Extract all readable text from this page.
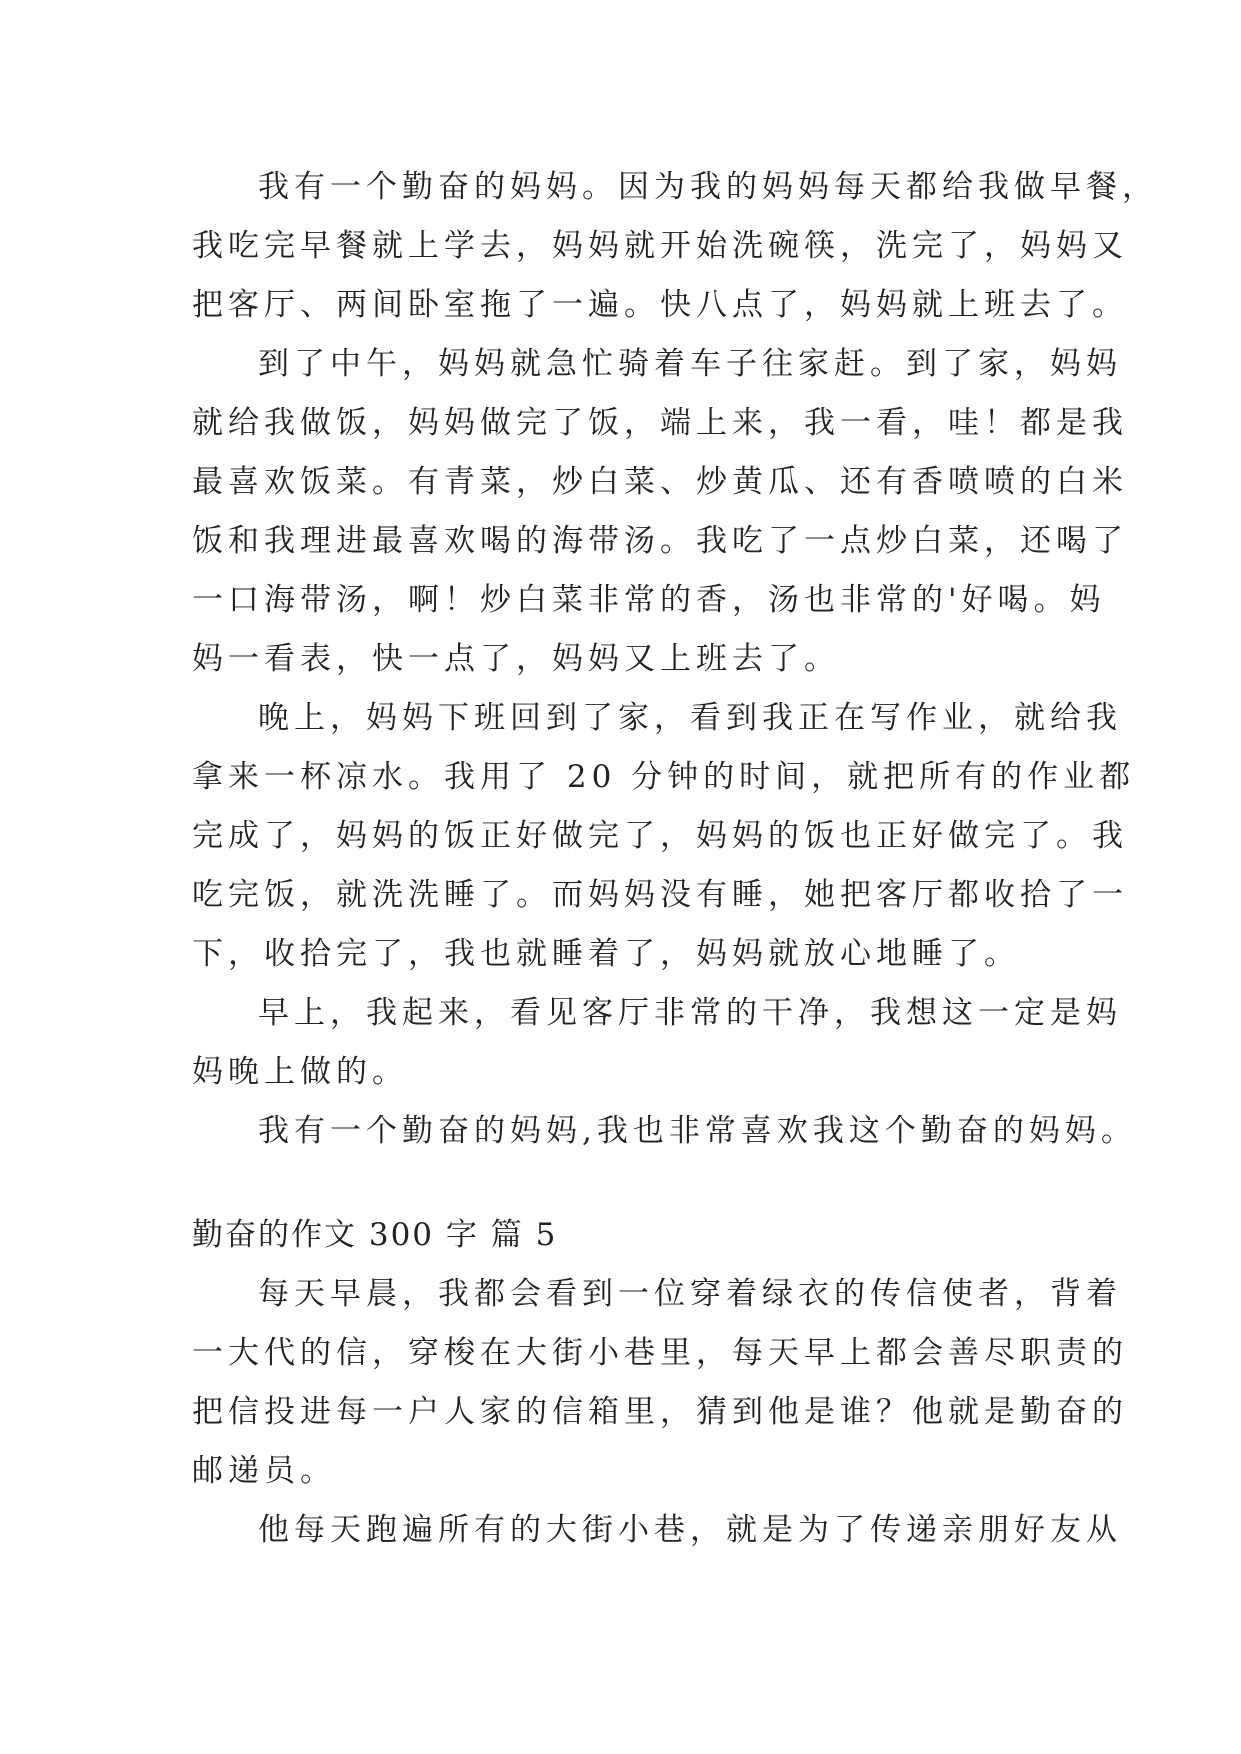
我有一个勤奋的妈妈。因为我的妈妈每天都给我做早餐，
我吃完早餐就上学去，妈妈就开始洗碗筷，洗完了，妈妈又
把客厅、两间卧室拖了一遍。快八点了，妈妈就上班去了。
到了中午，妈妈就急忙骑着车子往家赶。到了家，妈妈
就给我做饭，妈妈做完了饭，端上来，我一看，哇！都是我
最喜欢饭菜。有青菜，炒白菜、炒黄瓜、还有香喷喷的白米
饭和我理进最喜欢喝的海带汤。我吃了一点炒白菜，还喝了
一口海带汤，啊！炒白菜非常的香，汤也非常的'好喝。妈
妈一看表，快一点了，妈妈又上班去了。
晚上，妈妈下班回到了家，看到我正在写作业，就给我
拿来一杯凉水。我用了 20 分钟的时间，就把所有的作业都
完成了，妈妈的饭正好做完了，妈妈的饭也正好做完了。我
吃完饭，就洗洗睡了。而妈妈没有睡，她把客厅都收拾了一
下，收拾完了，我也就睡着了，妈妈就放心地睡了。
早上，我起来，看见客厅非常的干净，我想这一定是妈
妈晚上做的。
我有一个勤奋的妈妈,我也非常喜欢我这个勤奋的妈妈。
勤奋的作文 300 字 篇 5
每天早晨，我都会看到一位穿着绿衣的传信使者，背着
一大代的信，穿梭在大街小巷里，每天早上都会善尽职责的
把信投进每一户人家的信箱里，猜到他是谁？他就是勤奋的
邮递员。
他每天跑遍所有的大街小巷，就是为了传递亲朋好友从
